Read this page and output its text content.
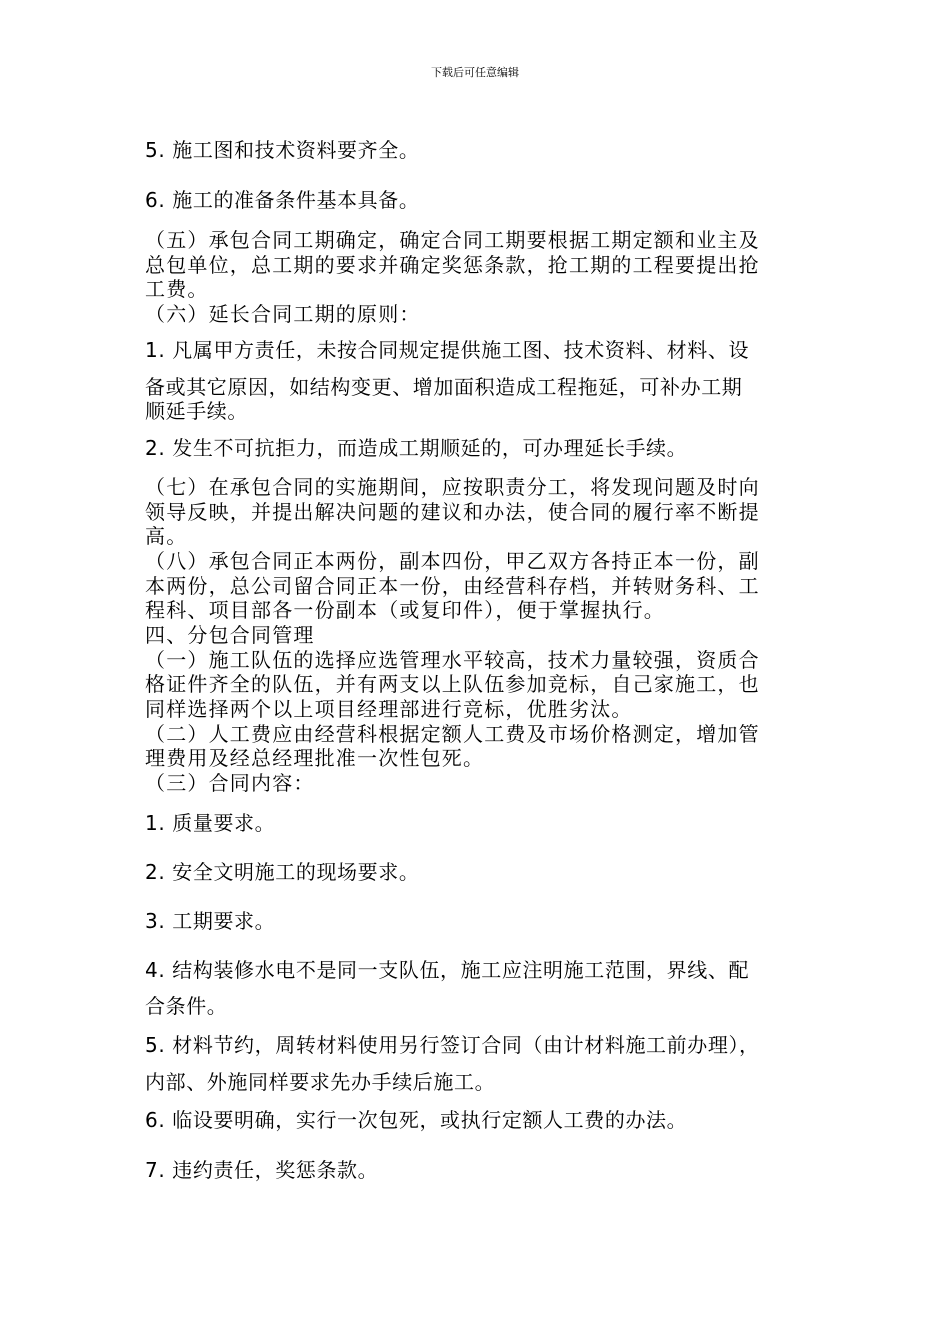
下载后可任意编辑
5. 施工图和技术资料要齐全。
6. 施工的准备条件基本具备。
（五）承包合同工期确定，确定合同工期要根据工期定额和业主及
总包单位，总工期的要求并确定奖惩条款，抢工期的工程要提出抢
工费。
（六）延长合同工期的原则：
1. 凡属甲方责任，未按合同规定提供施工图、技术资料、材料、设
备或其它原因，如结构变更、增加面积造成工程拖延，可补办工期
顺延手续。
2. 发生不可抗拒力，而造成工期顺延的，可办理延长手续。
（七）在承包合同的实施期间，应按职责分工，将发现问题及时向
领导反映，并提出解决问题的建议和办法，使合同的履行率不断提
高。
（八）承包合同正本两份，副本四份，甲乙双方各持正本一份，副
本两份，总公司留合同正本一份，由经营科存档，并转财务科、工
程科、项目部各一份副本（或复印件），便于掌握执行。
四、分包合同管理
（一）施工队伍的选择应选管理水平较高，技术力量较强，资质合
格证件齐全的队伍，并有两支以上队伍参加竞标，自己家施工，也
同样选择两个以上项目经理部进行竞标，优胜劣汰。
（二）人工费应由经营科根据定额人工费及市场价格测定，增加管
理费用及经总经理批准一次性包死。
（三）合同内容：
1. 质量要求。
2. 安全文明施工的现场要求。
3. 工期要求。
4. 结构装修水电不是同一支队伍，施工应注明施工范围，界线、配
合条件。
5. 材料节约，周转材料使用另行签订合同（由计材料施工前办理），
内部、外施同样要求先办手续后施工。
6. 临设要明确，实行一次包死，或执行定额人工费的办法。
7. 违约责任，奖惩条款。
